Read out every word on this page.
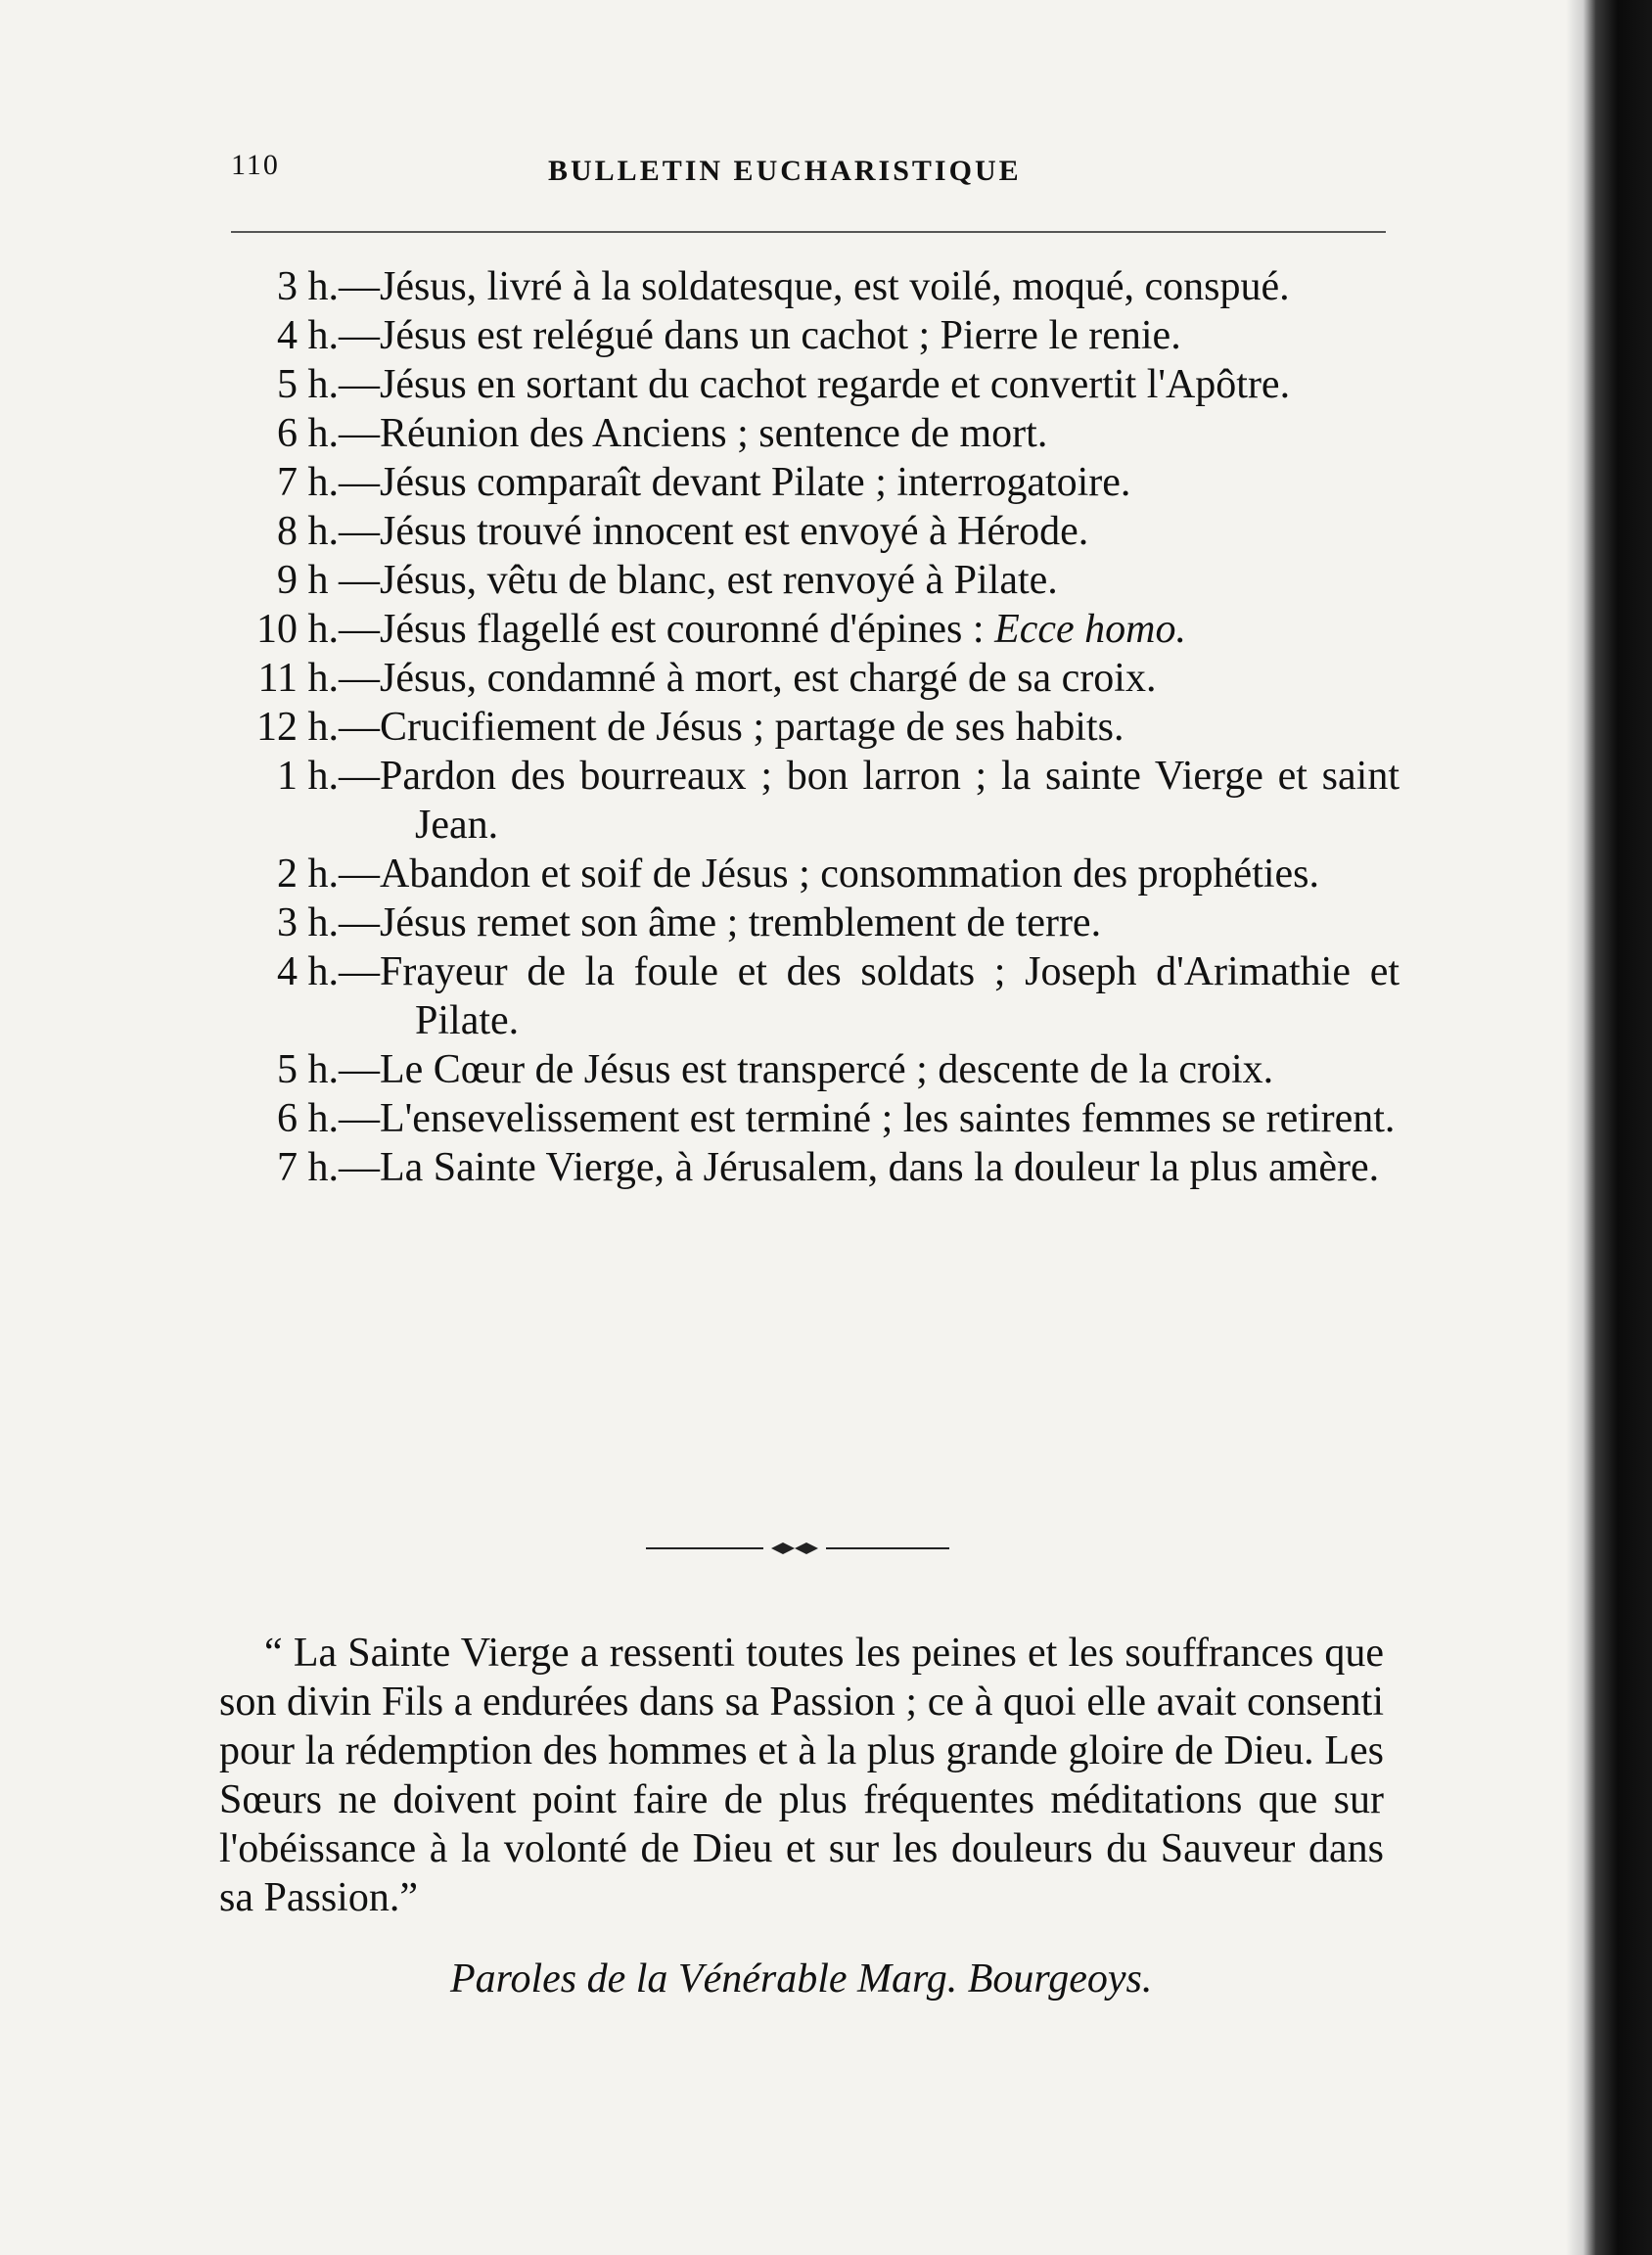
110	BULLETIN EUCHARISTIQUE
3 h.— Jésus, livré à la soldatesque, est voilé, moqué, conspué.
4 h.— Jésus est relégué dans un cachot ; Pierre le renie.
5 h.— Jésus en sortant du cachot regarde et convertit l'Apôtre.
6 h.— Réunion des Anciens ; sentence de mort.
7 h.— Jésus comparaît devant Pilate ; interrogatoire.
8 h.— Jésus trouvé innocent est envoyé à Hérode.
9 h — Jésus, vêtu de blanc, est renvoyé à Pilate.
10 h.— Jésus flagellé est couronné d'épines : Ecce homo.
11 h.— Jésus, condamné à mort, est chargé de sa croix.
12 h.— Crucifiement de Jésus ; partage de ses habits.
1 h.— Pardon des bourreaux ; bon larron ; la sainte Vierge et saint Jean.
2 h.— Abandon et soif de Jésus ; consommation des prophéties.
3 h.— Jésus remet son âme ; tremblement de terre.
4 h.— Frayeur de la foule et des soldats ; Joseph d'Arimathie et Pilate.
5 h.— Le Cœur de Jésus est transpercé ; descente de la croix.
6 h.— L'ensevelissement est terminé ; les saintes femmes se retirent.
7 h.— La Sainte Vierge, à Jérusalem, dans la douleur la plus amère.

“ La Sainte Vierge a ressenti toutes les peines et les souffrances que son divin Fils a endurées dans sa Passion ; ce à quoi elle avait consenti pour la rédemption des hommes et à la plus grande gloire de Dieu. Les Sœurs ne doivent point faire de plus fréquentes méditations que sur l'obéissance à la volonté de Dieu et sur les douleurs du Sauveur dans sa Passion.”

Paroles de la Vénérable Marg. Bourgeoys.
